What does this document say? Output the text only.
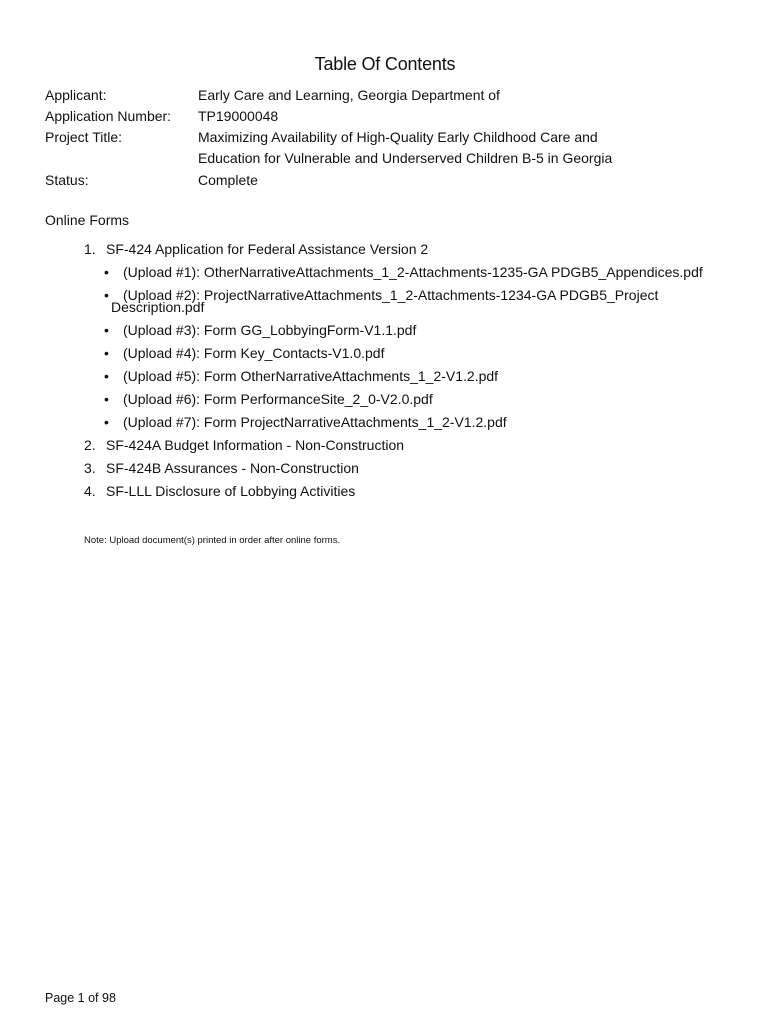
Table Of Contents
Applicant:	Early Care and Learning, Georgia Department of
Application Number:	TP19000048
Project Title:	Maximizing Availability of High-Quality Early Childhood Care and
Education for Vulnerable and Underserved Children B-5 in Georgia
Status:	Complete
Online Forms
1. SF-424 Application for Federal Assistance Version 2
• (Upload #1): OtherNarrativeAttachments_1_2-Attachments-1235-GA PDGB5_Appendices.pdf
• (Upload #2): ProjectNarrativeAttachments_1_2-Attachments-1234-GA PDGB5_Project
Description.pdf
• (Upload #3): Form GG_LobbyingForm-V1.1.pdf
• (Upload #4): Form Key_Contacts-V1.0.pdf
• (Upload #5): Form OtherNarrativeAttachments_1_2-V1.2.pdf
• (Upload #6): Form PerformanceSite_2_0-V2.0.pdf
• (Upload #7): Form ProjectNarrativeAttachments_1_2-V1.2.pdf
2. SF-424A Budget Information - Non-Construction
3. SF-424B Assurances - Non-Construction
4. SF-LLL Disclosure of Lobbying Activities
Note: Upload document(s) printed in order after online forms.
Page 1 of 98
